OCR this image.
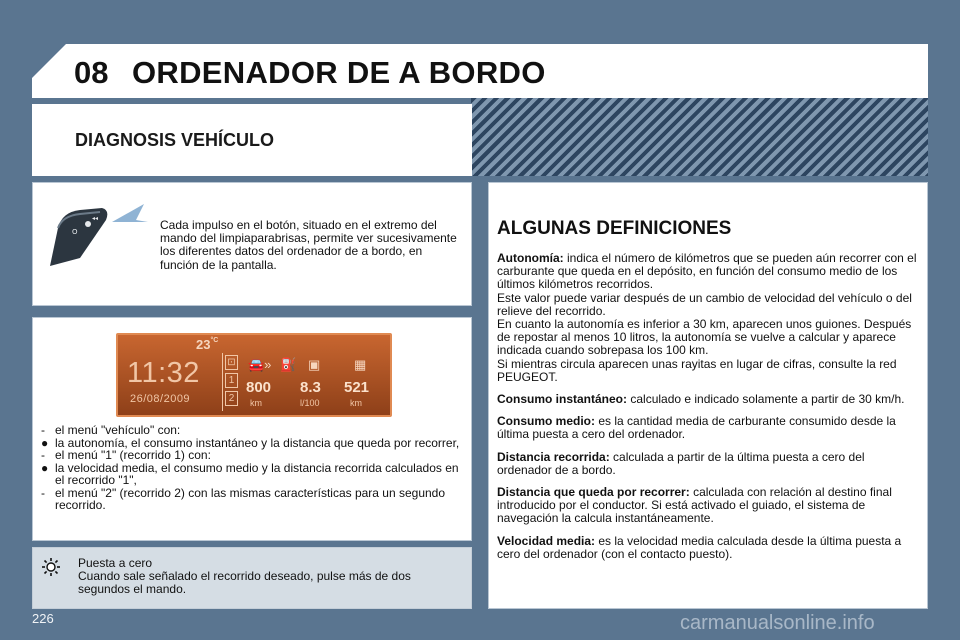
08 ORDENADOR DE A BORDO
DIAGNOSIS VEHÍCULO
O
◂◂	Cada impulso en el botón, situado en el extremo del mando del limpiaparabrisas, permite ver sucesivamente los diferentes datos del ordenador de a bordo, en función de la pantalla.
$23^{^\circ C}$
11:32
26/08/2009
⊡
1
2
🚘» ⛽ ▣	▦
800
km
8.3
l/100
521
km
- el menú "vehículo" con:
● la autonomía, el consumo instantáneo y la distancia que queda por recorrer,
- el menú "1" (recorrido 1) con:
● la velocidad media, el consumo medio y la distancia recorrida calculados en el recorrido "1",
- el menú "2" (recorrido 2) con las mismas características para un segundo recorrido.
Puesta a cero
Cuando sale señalado el recorrido deseado, pulse más de dos segundos el mando.
ALGUNAS DEFINICIONES
Autonomía: indica el número de kilómetros que se pueden aún recorrer con el carburante que queda en el depósito, en función del consumo medio de los últimos kilómetros recorridos.
Este valor puede variar después de un cambio de velocidad del vehículo o del relieve del recorrido.
En cuanto la autonomía es inferior a 30 km, aparecen unos guiones. Después de repostar al menos 10 litros, la autonomía se vuelve a calcular y aparece indicada cuando sobrepasa los 100 km.
Si mientras circula aparecen unas rayitas en lugar de cifras, consulte la red PEUGEOT.
Consumo instantáneo: calculado e indicado solamente a partir de 30 km/h.
Consumo medio: es la cantidad media de carburante consumido desde la última puesta a cero del ordenador.
Distancia recorrida: calculada a partir de la última puesta a cero del ordenador de a bordo.
Distancia que queda por recorrer: calculada con relación al destino final introducido por el conductor. Si está activado el guiado, el sistema de navegación la calcula instantáneamente.
Velocidad media: es la velocidad media calculada desde la última puesta a cero del ordenador (con el contacto puesto).
226	carmanualsonline.info
